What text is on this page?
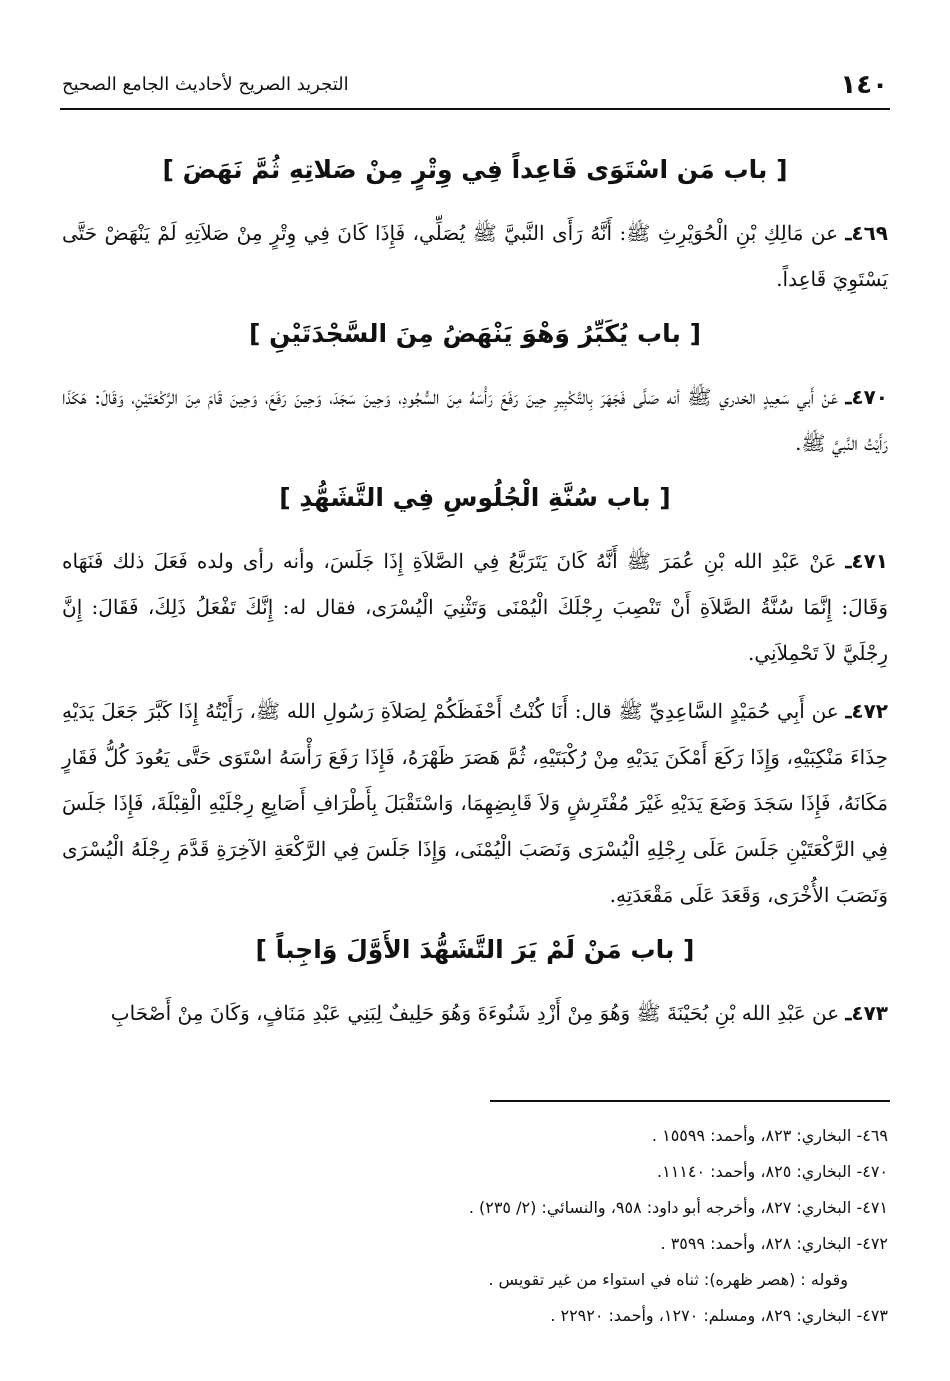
١٤٠
التجريد الصريح لأحاديث الجامع الصحيح
[ باب مَن اسْتَوَى قَاعِداً فِي وِتْرٍ مِنْ صَلاتِهِ ثُمَّ نَهَضَ ]

٤٦٩ـ عن مَالِكِ بْنِ الْحُوَيْرِثِ ﷺ: أَنَّهُ رَأَى النَّبيَّ ﷺ يُصَلِّي، فَإِذَا كَانَ فِي وِتْرٍ مِنْ صَلاَتِهِ لَمْ يَنْهَضْ حَتَّى يَسْتَوِيَ قَاعِداً.

[ باب يُكَبِّرُ وَهْوَ يَنْهَضُ مِنَ السَّجْدَتَيْنِ ]

٤٧٠ـ عَنْ أَبي سَعِيدٍ الخدري ﷺ أنه صَلَّى فَجَهَرَ بِالتَّكْبِيرِ حِينَ رَفَعَ رَأْسَهُ مِنَ السُّجُودِ، وَحِينَ سَجَدَ، وَحِينَ رَفَعَ، وَحِينَ قَامَ مِنَ الرَّكْعَتَيْنِ، وَقَالَ: هَكَذَا رَأَيْتُ النَّبيَّ ﷺ.

[ باب سُنَّةِ الْجُلُوسِ فِي التَّشَهُّدِ ]

٤٧١ـ عَنْ عَبْدِ الله بْنِ عُمَرَ ﷺ أَنَّهُ كَانَ يَتَرَبَّعُ فِي الصَّلاَةِ إِذَا جَلَسَ، وأنه رأى ولده فَعَلَ ذلك فَنَهَاه وَقَالَ: إِنَّمَا سُنَّةُ الصَّلاَةِ أَنْ تَنْصِبَ رِجْلَكَ الْيُمْنَى وَتَثْنِيَ الْيُسْرَى، فقال له: إِنَّكَ تَفْعَلُ ذَلِكَ، فَقَالَ: إِنَّ رِجْلَيَّ لاَ تَحْمِلاَنِي.

٤٧٢ـ عن أَبِي حُمَيْدٍ السَّاعِدِيِّ ﷺ قال: أَنَا كُنْتُ أَحْفَظَكُمْ لِصَلاَةِ رَسُولِ الله ﷺ، رَأَيْتُهُ إِذَا كَبَّرَ جَعَلَ يَدَيْهِ حِذَاءَ مَنْكِبَيْهِ، وَإِذَا رَكَعَ أَمْكَنَ يَدَيْهِ مِنْ رُكْبَتَيْهِ، ثُمَّ هَصَرَ ظَهْرَهُ، فَإِذَا رَفَعَ رَأْسَهُ اسْتَوَى حَتَّى يَعُودَ كُلُّ فَقَارٍ مَكَانَهُ، فَإِذَا سَجَدَ وَضَعَ يَدَيْهِ غَيْرَ مُفْتَرِشٍ وَلاَ قَابِضِهِمَا، وَاسْتَقْبَلَ بِأَطْرَافِ أَصَابِعِ رِجْلَيْهِ الْقِبْلَةَ، فَإِذَا جَلَسَ فِي الرَّكْعَتَيْنِ جَلَسَ عَلَى رِجْلِهِ الْيُسْرَى وَنَصَبَ الْيُمْنَى، وَإِذَا جَلَسَ فِي الرَّكْعَةِ الآخِرَةِ قَدَّمَ رِجْلَهُ الْيُسْرَى وَنَصَبَ الأُخْرَى، وَقَعَدَ عَلَى مَقْعَدَتِهِ.

[ باب مَنْ لَمْ يَرَ التَّشَهُّدَ الأَوَّلَ وَاجِباً ]

٤٧٣ـ عن عَبْدِ الله بْنِ بُحَيْنَةَ ﷺ وَهُوَ مِنْ أَزْدِ شَنُوءَةَ وَهُوَ حَلِيفٌ لِبَنِي عَبْدِ مَنَافٍ، وَكَانَ مِنْ أَصْحَابِ

٤٦٩- البخاري: ٨٢٣، وأحمد: ١٥٥٩٩ .
٤٧٠- البخاري: ٨٢٥، وأحمد: ١١١٤٠.
٤٧١- البخاري: ٨٢٧، وأخرجه أبو داود: ٩٥٨، والنسائي: (٢/ ٢٣٥) .
٤٧٢- البخاري: ٨٢٨، وأحمد: ٣٥٩٩ .
وقوله : (هصر ظهره): ثناه في استواء من غير تقويس .
٤٧٣- البخاري: ٨٢٩، ومسلم: ١٢٧٠، وأحمد: ٢٢٩٢٠ .
